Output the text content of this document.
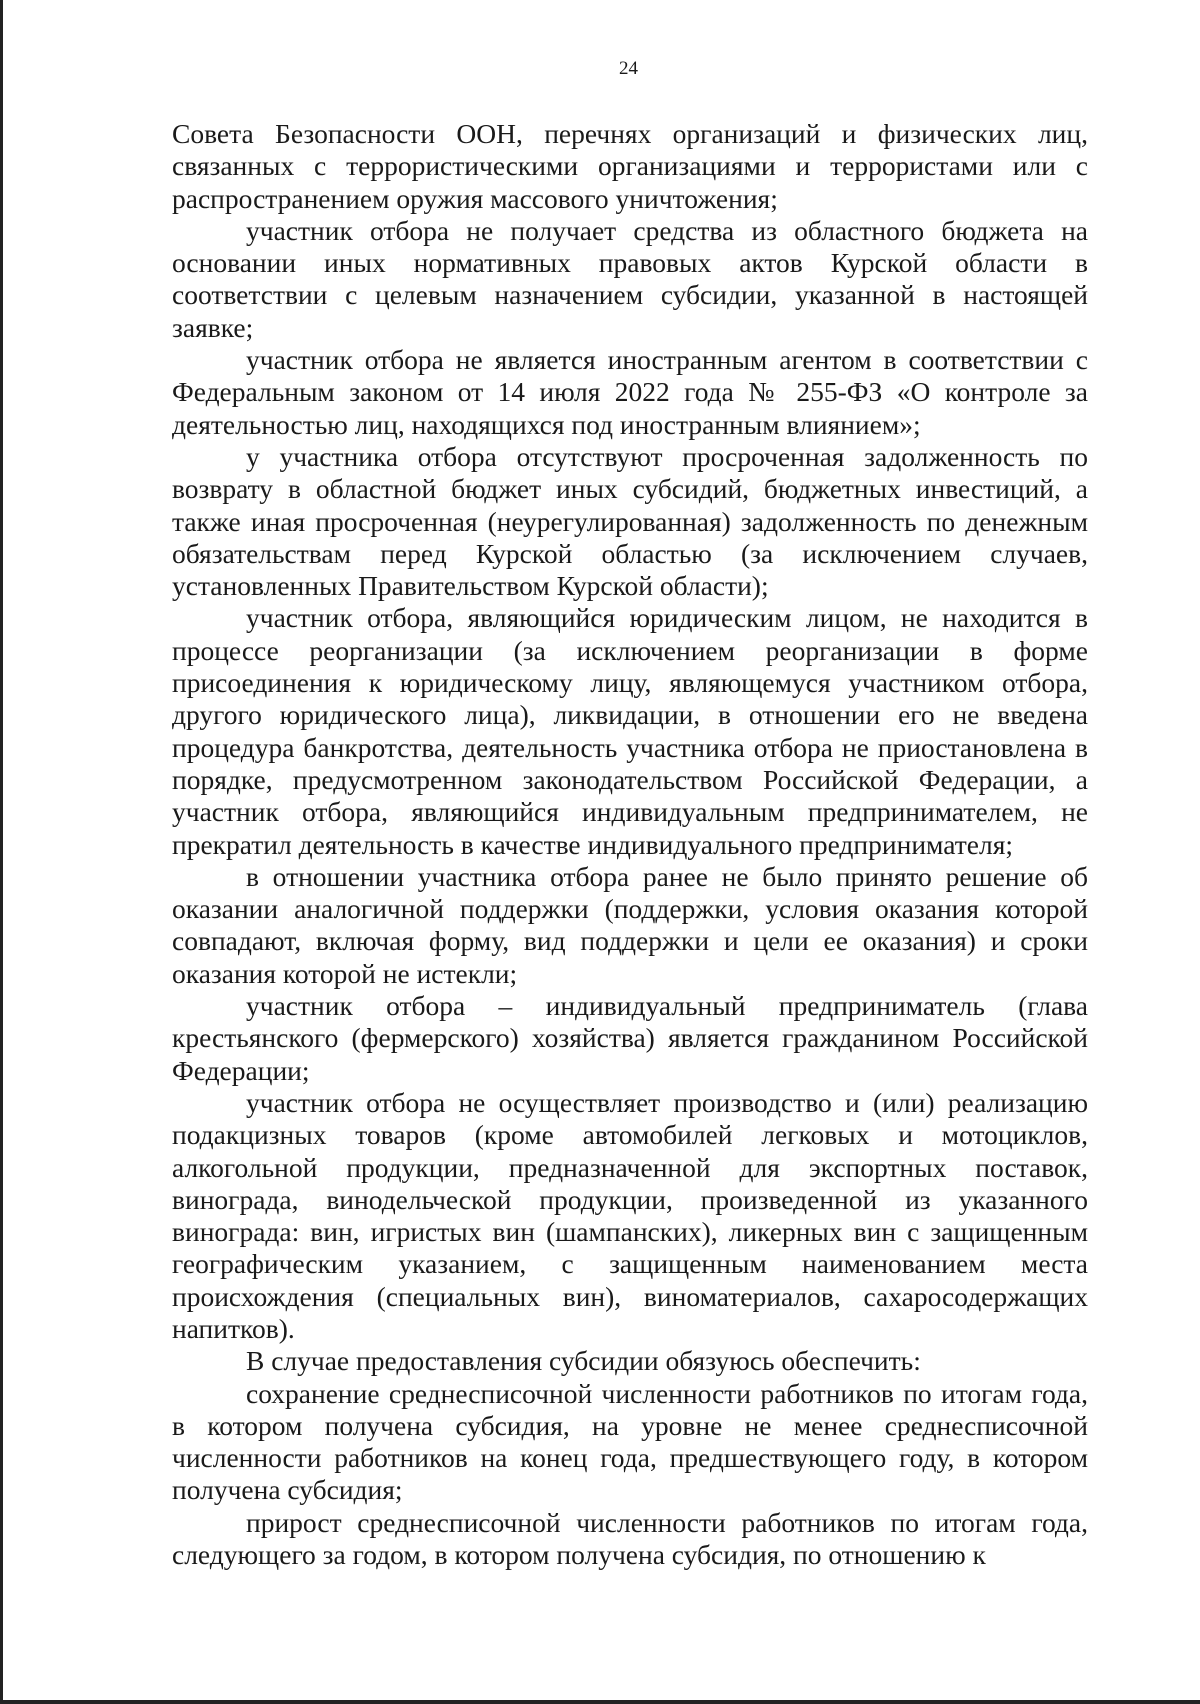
24

Совета Безопасности ООН, перечнях организаций и физических лиц, связанных с террористическими организациями и террористами или с распространением оружия массового уничтожения;

участник отбора не получает средства из областного бюджета на основании иных нормативных правовых актов Курской области в соответствии с целевым назначением субсидии, указанной в настоящей заявке;

участник отбора не является иностранным агентом в соответствии с Федеральным законом от 14 июля 2022 года № 255-ФЗ «О контроле за деятельностью лиц, находящихся под иностранным влиянием»;

у участника отбора отсутствуют просроченная задолженность по возврату в областной бюджет иных субсидий, бюджетных инвестиций, а также иная просроченная (неурегулированная) задолженность по денежным обязательствам перед Курской областью (за исключением случаев, установленных Правительством Курской области);

участник отбора, являющийся юридическим лицом, не находится в процессе реорганизации (за исключением реорганизации в форме присоединения к юридическому лицу, являющемуся участником отбора, другого юридического лица), ликвидации, в отношении его не введена процедура банкротства, деятельность участника отбора не приостановлена в порядке, предусмотренном законодательством Российской Федерации, а участник отбора, являющийся индивидуальным предпринимателем, не прекратил деятельность в качестве индивидуального предпринимателя;

в отношении участника отбора ранее не было принято решение об оказании аналогичной поддержки (поддержки, условия оказания которой совпадают, включая форму, вид поддержки и цели ее оказания) и сроки оказания которой не истекли;

участник отбора – индивидуальный предприниматель (глава крестьянского (фермерского) хозяйства) является гражданином Российской Федерации;

участник отбора не осуществляет производство и (или) реализацию подакцизных товаров (кроме автомобилей легковых и мотоциклов, алкогольной продукции, предназначенной для экспортных поставок, винограда, винодельческой продукции, произведенной из указанного винограда: вин, игристых вин (шампанских), ликерных вин с защищенным географическим указанием, с защищенным наименованием места происхождения (специальных вин), виноматериалов, сахаросодержащих напитков).

В случае предоставления субсидии обязуюсь обеспечить:

сохранение среднесписочной численности работников по итогам года, в котором получена субсидия, на уровне не менее среднесписочной численности работников на конец года, предшествующего году, в котором получена субсидия;

прирост среднесписочной численности работников по итогам года, следующего за годом, в котором получена субсидия, по отношению к
